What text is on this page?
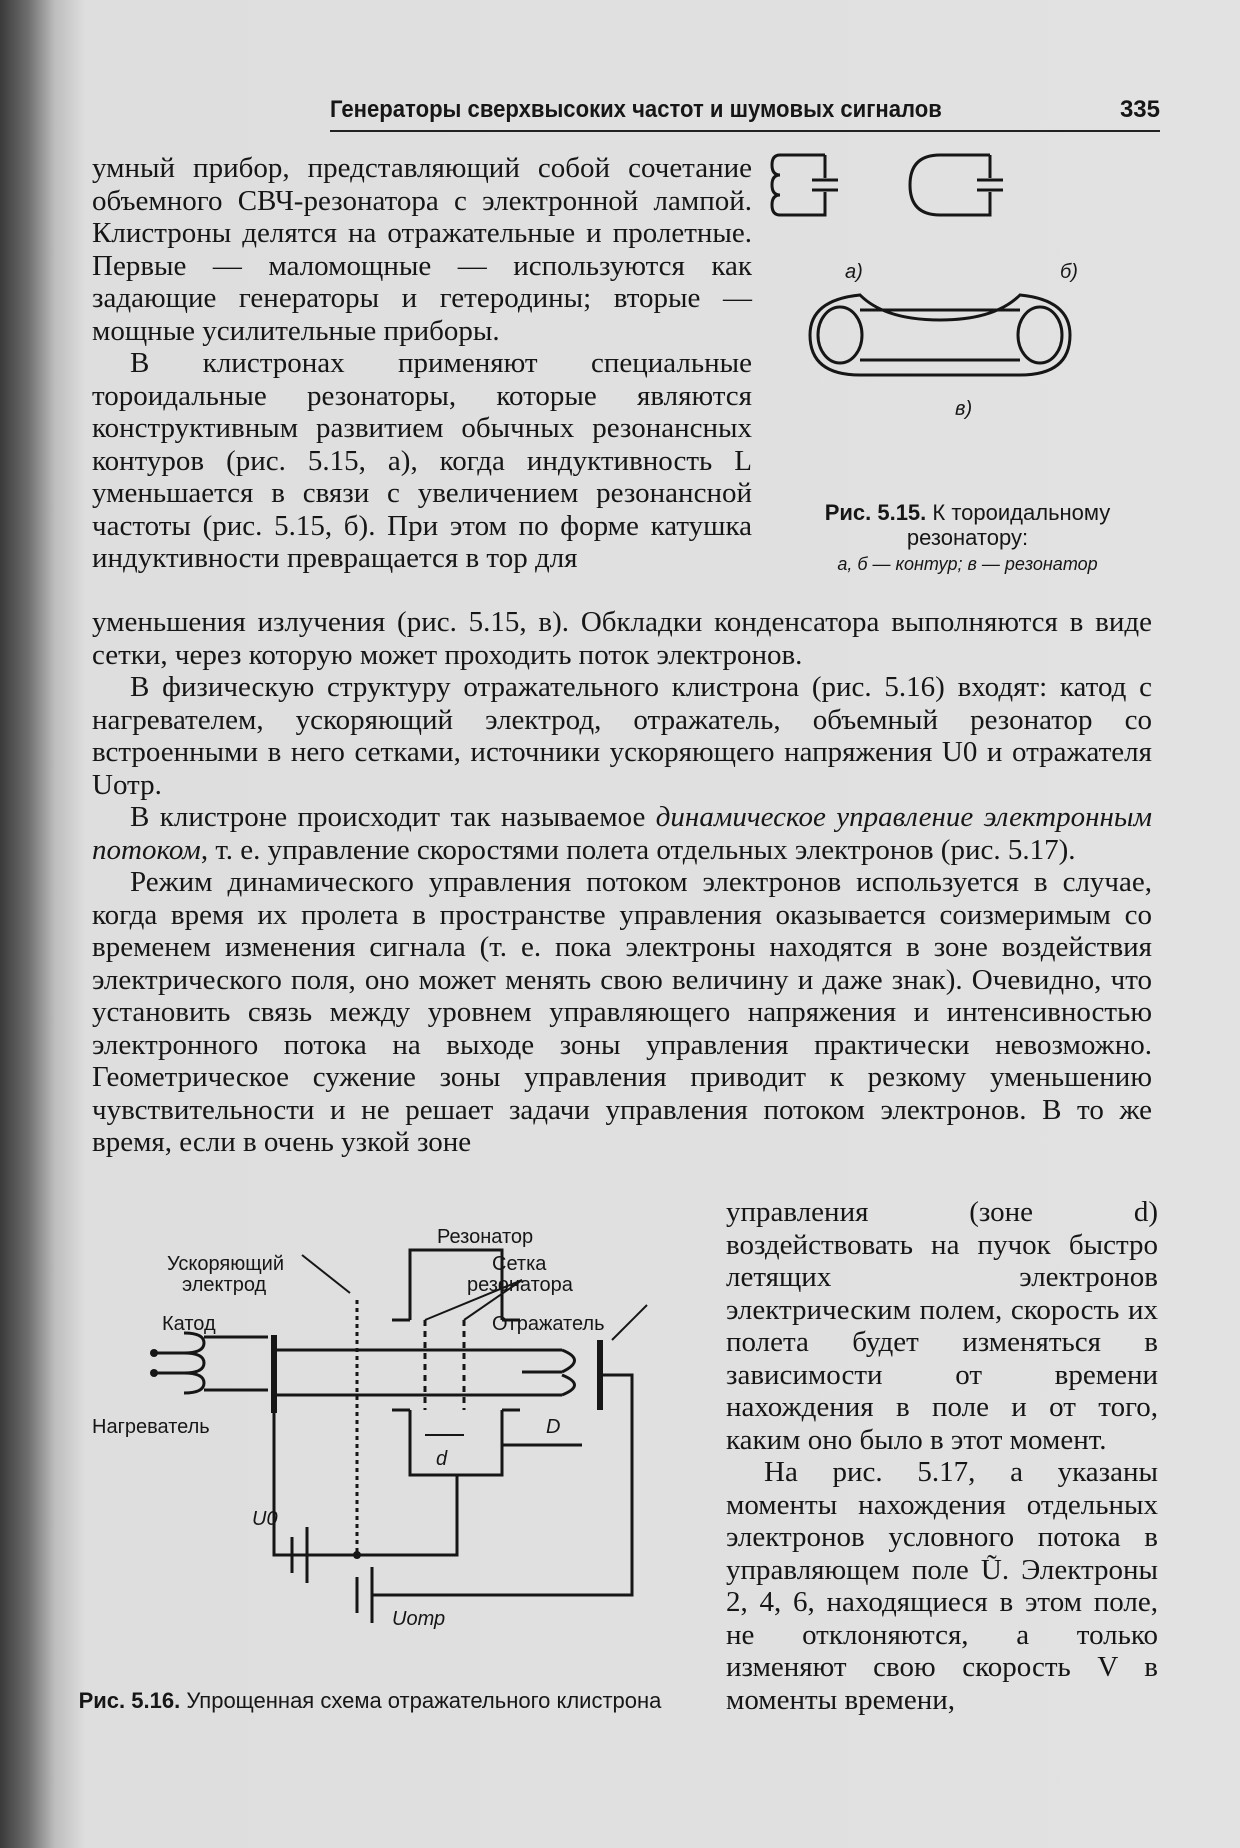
Генераторы сверхвысоких частот и шумовых сигналов	335

умный прибор, представляющий собой сочетание объемного СВЧ-резонатора с электронной лампой. Клистроны делятся на отражательные и пролетные. Первые — маломощные — используются как задающие генераторы и гетеродины; вторые — мощные усилительные приборы.

В клистронах применяют специальные тороидальные резонаторы, которые являются конструктивным развитием обычных резонансных контуров (рис. 5.15, а), когда индуктивность L уменьшается в связи с увеличением резонансной частоты (рис. 5.15, б). При этом по форме катушка индуктивности превращается в тор для

а)	б)
в)
Рис. 5.15. К тороидальному резонатору:
а, б — контур; в — резонатор

уменьшения излучения (рис. 5.15, в). Обкладки конденсатора выполняются в виде сетки, через которую может проходить поток электронов.

В физическую структуру отражательного клистрона (рис. 5.16) входят: катод с нагревателем, ускоряющий электрод, отражатель, объемный резонатор со встроенными в него сетками, источники ускоряющего напряжения U0 и отражателя Uотр.

В клистроне происходит так называемое динамическое управление электронным потоком, т. е. управление скоростями полета отдельных электронов (рис. 5.17).

Режим динамического управления потоком электронов используется в случае, когда время их пролета в пространстве управления оказывается соизмеримым со временем изменения сигнала (т. е. пока электроны находятся в зоне воздействия электрического поля, оно может менять свою величину и даже знак). Очевидно, что установить связь между уровнем управляющего напряжения и интенсивностью электронного потока на выходе зоны управления практически невозможно. Геометрическое сужение зоны управления приводит к резкому уменьшению чувствительности и не решает задачи управления потоком электронов. В то же время, если в очень узкой зоне

управления (зоне d) воздействовать на пучок быстро летящих электронов электрическим полем, скорость их полета будет изменяться в зависимости от времени нахождения в поле и от того, каким оно было в этот момент.

На рис. 5.17, а указаны моменты нахождения отдельных электронов условного потока в управляющем поле Ũ. Электроны 2, 4, 6, находящиеся в этом поле, не отклоняются, а только изменяют свою скорость V в моменты времени,

Резонатор
Ускоряющий
электрод
Сетка
резонатора
Катод	Отражатель
Нагреватель
d
D
U0
Uотр
Рис. 5.16. Упрощенная схема отражательного клистрона
